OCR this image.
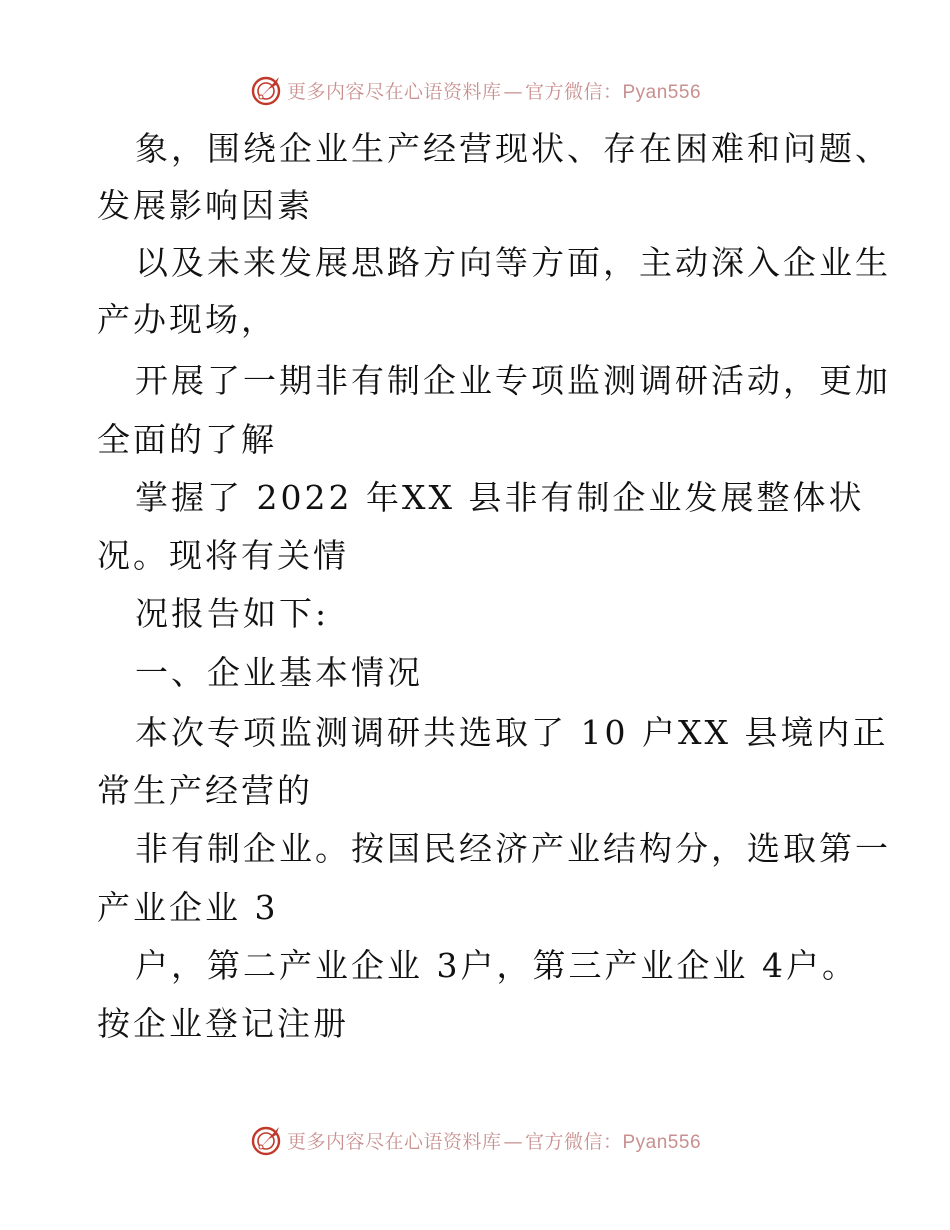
更多内容尽在心语资料库 — 官方微信：Pyan556
象，围绕企业生产经营现状、存在困难和问题、
发展影响因素
以及未来发展思路方向等方面，主动深入企业生
产办现场，
开展了一期非有制企业专项监测调研活动，更加
全面的了解
掌握了 2022 年XX 县非有制企业发展整体状
况。现将有关情
况报告如下:
一、企业基本情况
本次专项监测调研共选取了 10 户XX 县境内正
常生产经营的
非有制企业。按国民经济产业结构分，选取第一
产业企业 3
户，第二产业企业 3户，第三产业企业 4户。
按企业登记注册
更多内容尽在心语资料库 — 官方微信：Pyan556
